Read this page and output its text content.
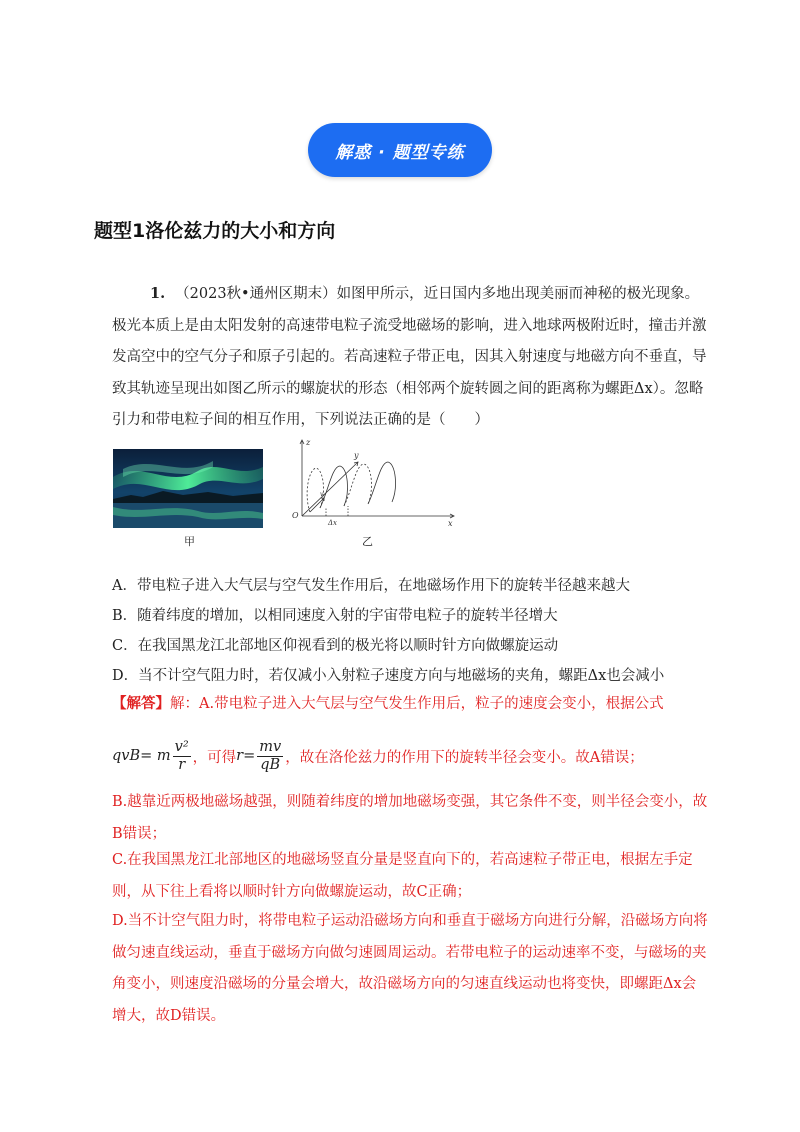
解惑 · 题型专练
题型1洛伦兹力的大小和方向
1. （2023秋•通州区期末）如图甲所示，近日国内多地出现美丽而神秘的极光现象。极光本质上是由太阳发射的高速带电粒子流受地磁场的影响，进入地球两极附近时，撞击并激发高空中的空气分子和原子引起的。若高速粒子带正电，因其入射速度与地磁方向不垂直，导致其轨迹呈现出如图乙所示的螺旋状的形态（相邻两个旋转圆之间的距离称为螺距Δx）。忽略引力和带电粒子间的相互作用，下列说法正确的是（　　）
甲
z
y
x
O
v₀
Δx
乙
A．带电粒子进入大气层与空气发生作用后，在地磁场作用下的旋转半径越来越大
B．随着纬度的增加，以相同速度入射的宇宙带电粒子的旋转半径增大
C．在我国黑龙江北部地区仰视看到的极光将以顺时针方向做螺旋运动
D．当不计空气阻力时，若仅减小入射粒子速度方向与地磁场的夹角，螺距Δx也会减小
【解答】解：A.带电粒子进入大气层与空气发生作用后，粒子的速度会变小，根据公式
qvB = m $\frac{\text{v²}}{r}$ ，可得 $r = \frac{mv}{qB}$ ，故在洛伦兹力的作用下的旋转半径会变小。故A错误；
B.越靠近两极地磁场越强，则随着纬度的增加地磁场变强，其它条件不变，则半径会变小，故B错误；
C.在我国黑龙江北部地区的地磁场竖直分量是竖直向下的，若高速粒子带正电，根据左手定则，从下往上看将以顺时针方向做螺旋运动，故C正确；
D.当不计空气阻力时，将带电粒子运动沿磁场方向和垂直于磁场方向进行分解，沿磁场方向将做匀速直线运动，垂直于磁场方向做匀速圆周运动。若带电粒子的运动速率不变，与磁场的夹角变小，则速度沿磁场的分量会增大，故沿磁场方向的匀速直线运动也将变快，即螺距Δx会增大，故D错误。
